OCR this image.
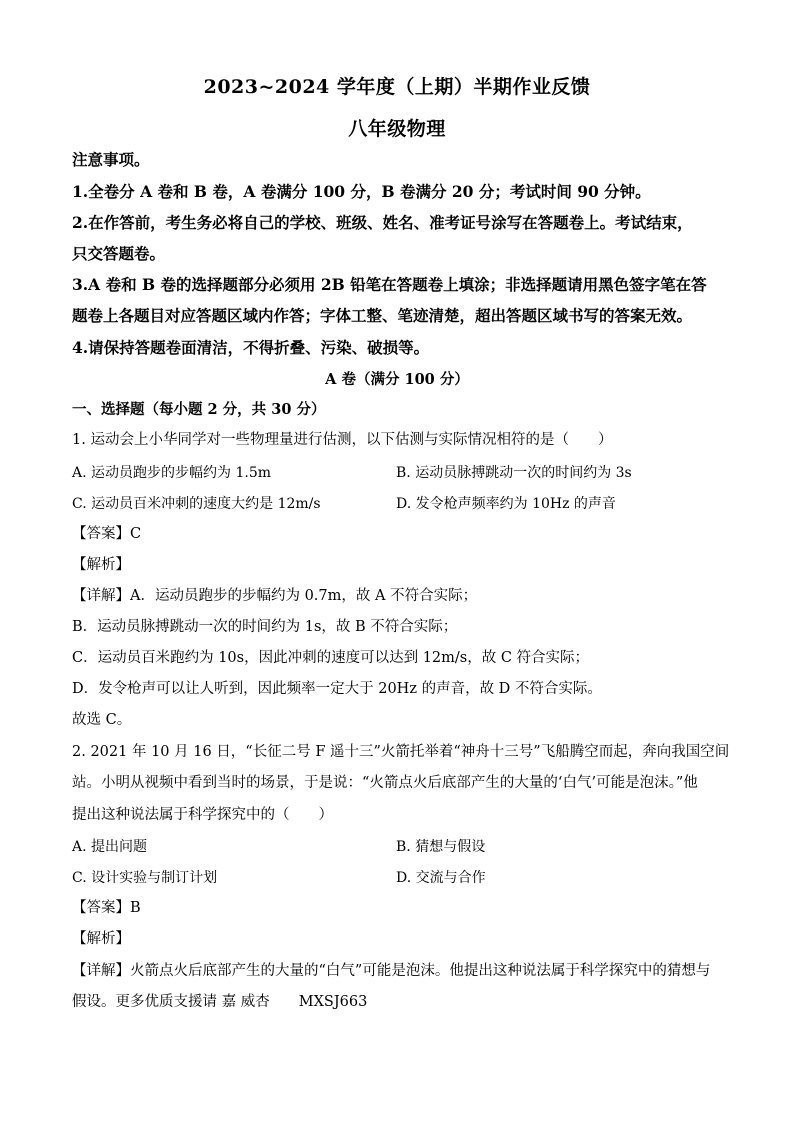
2023~2024 学年度（上期）半期作业反馈
八年级物理
注意事项。
1.全卷分 A 卷和 B 卷，A 卷满分 100 分，B 卷满分 20 分；考试时间 90 分钟。
2.在作答前，考生务必将自己的学校、班级、姓名、准考证号涂写在答题卷上。考试结束，
只交答题卷。
3.A 卷和 B 卷的选择题部分必须用 2B 铅笔在答题卷上填涂；非选择题请用黑色签字笔在答
题卷上各题目对应答题区域内作答；字体工整、笔迹清楚，超出答题区域书写的答案无效。
4.请保持答题卷面清洁，不得折叠、污染、破损等。
A 卷（满分 100 分）
一、选择题（每小题 2 分，共 30 分）
1. 运动会上小华同学对一些物理量进行估测，以下估测与实际情况相符的是（　　）
A. 运动员跑步的步幅约为 1.5m	B. 运动员脉搏跳动一次的时间约为 3s
C. 运动员百米冲刺的速度大约是 12m/s	D. 发令枪声频率约为 10Hz 的声音
【答案】C
【解析】
【详解】A．运动员跑步的步幅约为 0.7m，故 A 不符合实际；
B．运动员脉搏跳动一次的时间约为 1s，故 B 不符合实际；
C．运动员百米跑约为 10s，因此冲刺的速度可以达到 12m/s，故 C 符合实际；
D．发令枪声可以让人听到，因此频率一定大于 20Hz 的声音，故 D 不符合实际。
故选 C。
2. 2021 年 10 月 16 日，“长征二号 F 遥十三”火箭托举着“神舟十三号”飞船腾空而起，奔向我国空间
站。小明从视频中看到当时的场景，于是说：“火箭点火后底部产生的大量的‘白气’可能是泡沫。”他
提出这种说法属于科学探究中的（　　）
A. 提出问题	B. 猜想与假设
C. 设计实验与制订计划	D. 交流与合作
【答案】B
【解析】
【详解】火箭点火后底部产生的大量的“白气”可能是泡沫。他提出这种说法属于科学探究中的猜想与
假设。更多优质支援请 嘉 威杏　　MXSJ663
